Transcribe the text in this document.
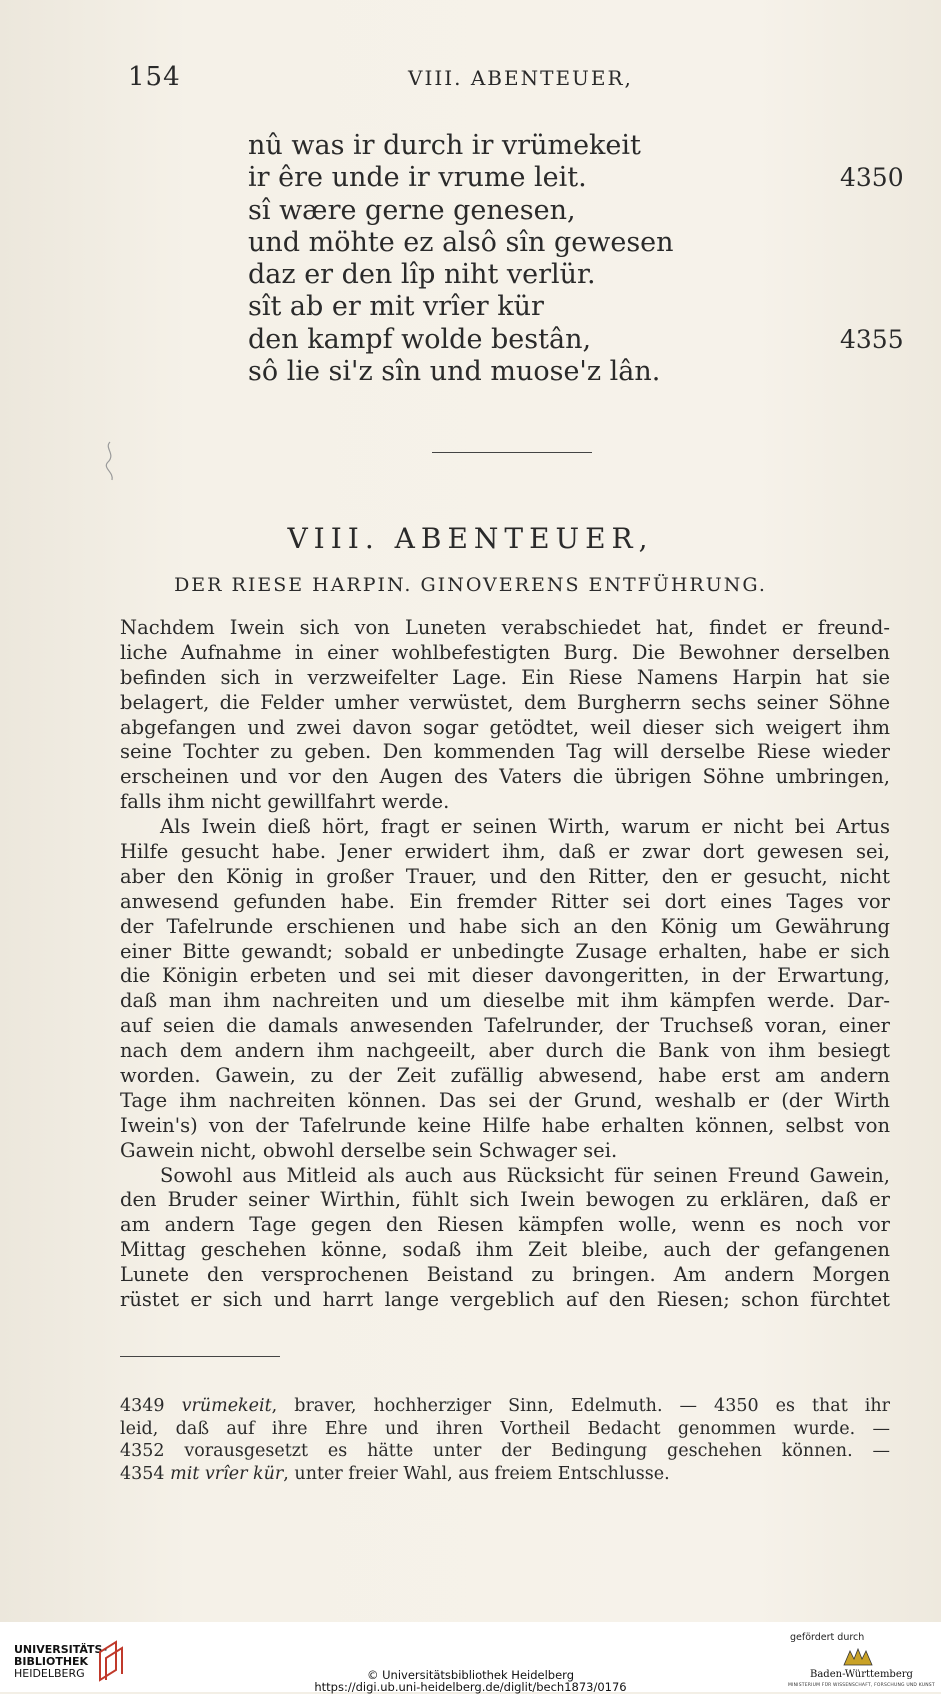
154	VIII. ABENTEUER,
nû was ir durch ir vrümekeit
ir êre unde ir vrume leit.	4350
sî wære gerne genesen,
und möhte ez alsô sîn gewesen
daz er den lîp niht verlür.
sît ab er mit vrîer kür
den kampf wolde bestân,	4355
sô lie si'z sîn und muose'z lân.
VIII. ABENTEUER,
DER RIESE HARPIN. GINOVERENS ENTFÜHRUNG.
Nachdem Iwein sich von Luneten verabschiedet hat, findet er freund-
liche Aufnahme in einer wohlbefestigten Burg. Die Bewohner derselben
befinden sich in verzweifelter Lage. Ein Riese Namens Harpin hat sie
belagert, die Felder umher verwüstet, dem Burgherrn sechs seiner Söhne
abgefangen und zwei davon sogar getödtet, weil dieser sich weigert ihm
seine Tochter zu geben. Den kommenden Tag will derselbe Riese wieder
erscheinen und vor den Augen des Vaters die übrigen Söhne umbringen,
falls ihm nicht gewillfahrt werde.
Als Iwein dieß hört, fragt er seinen Wirth, warum er nicht bei Artus
Hilfe gesucht habe. Jener erwidert ihm, daß er zwar dort gewesen sei,
aber den König in großer Trauer, und den Ritter, den er gesucht, nicht
anwesend gefunden habe. Ein fremder Ritter sei dort eines Tages vor
der Tafelrunde erschienen und habe sich an den König um Gewährung
einer Bitte gewandt; sobald er unbedingte Zusage erhalten, habe er sich
die Königin erbeten und sei mit dieser davongeritten, in der Erwartung,
daß man ihm nachreiten und um dieselbe mit ihm kämpfen werde. Dar-
auf seien die damals anwesenden Tafelrunder, der Truchseß voran, einer
nach dem andern ihm nachgeeilt, aber durch die Bank von ihm besiegt
worden. Gawein, zu der Zeit zufällig abwesend, habe erst am andern
Tage ihm nachreiten können. Das sei der Grund, weshalb er (der Wirth
Iwein's) von der Tafelrunde keine Hilfe habe erhalten können, selbst von
Gawein nicht, obwohl derselbe sein Schwager sei.
Sowohl aus Mitleid als auch aus Rücksicht für seinen Freund Gawein,
den Bruder seiner Wirthin, fühlt sich Iwein bewogen zu erklären, daß er
am andern Tage gegen den Riesen kämpfen wolle, wenn es noch vor
Mittag geschehen könne, sodaß ihm Zeit bleibe, auch der gefangenen
Lunete den versprochenen Beistand zu bringen. Am andern Morgen
rüstet er sich und harrt lange vergeblich auf den Riesen; schon fürchtet
4349 vrümekeit, braver, hochherziger Sinn, Edelmuth. — 4350 es that ihr
leid, daß auf ihre Ehre und ihren Vortheil Bedacht genommen wurde. —
4352 vorausgesetzt es hätte unter der Bedingung geschehen können. —
4354 mit vrîer kür, unter freier Wahl, aus freiem Entschlusse.
UNIVERSITÄTS-
BIBLIOTHEK
HEIDELBERG	© Universitätsbibliothek Heidelberg
https://digi.ub.uni-heidelberg.de/diglit/bech1873/0176
gefördert durch
Baden-Württemberg
MINISTERIUM FÜR WISSENSCHAFT, FORSCHUNG UND KUNST
